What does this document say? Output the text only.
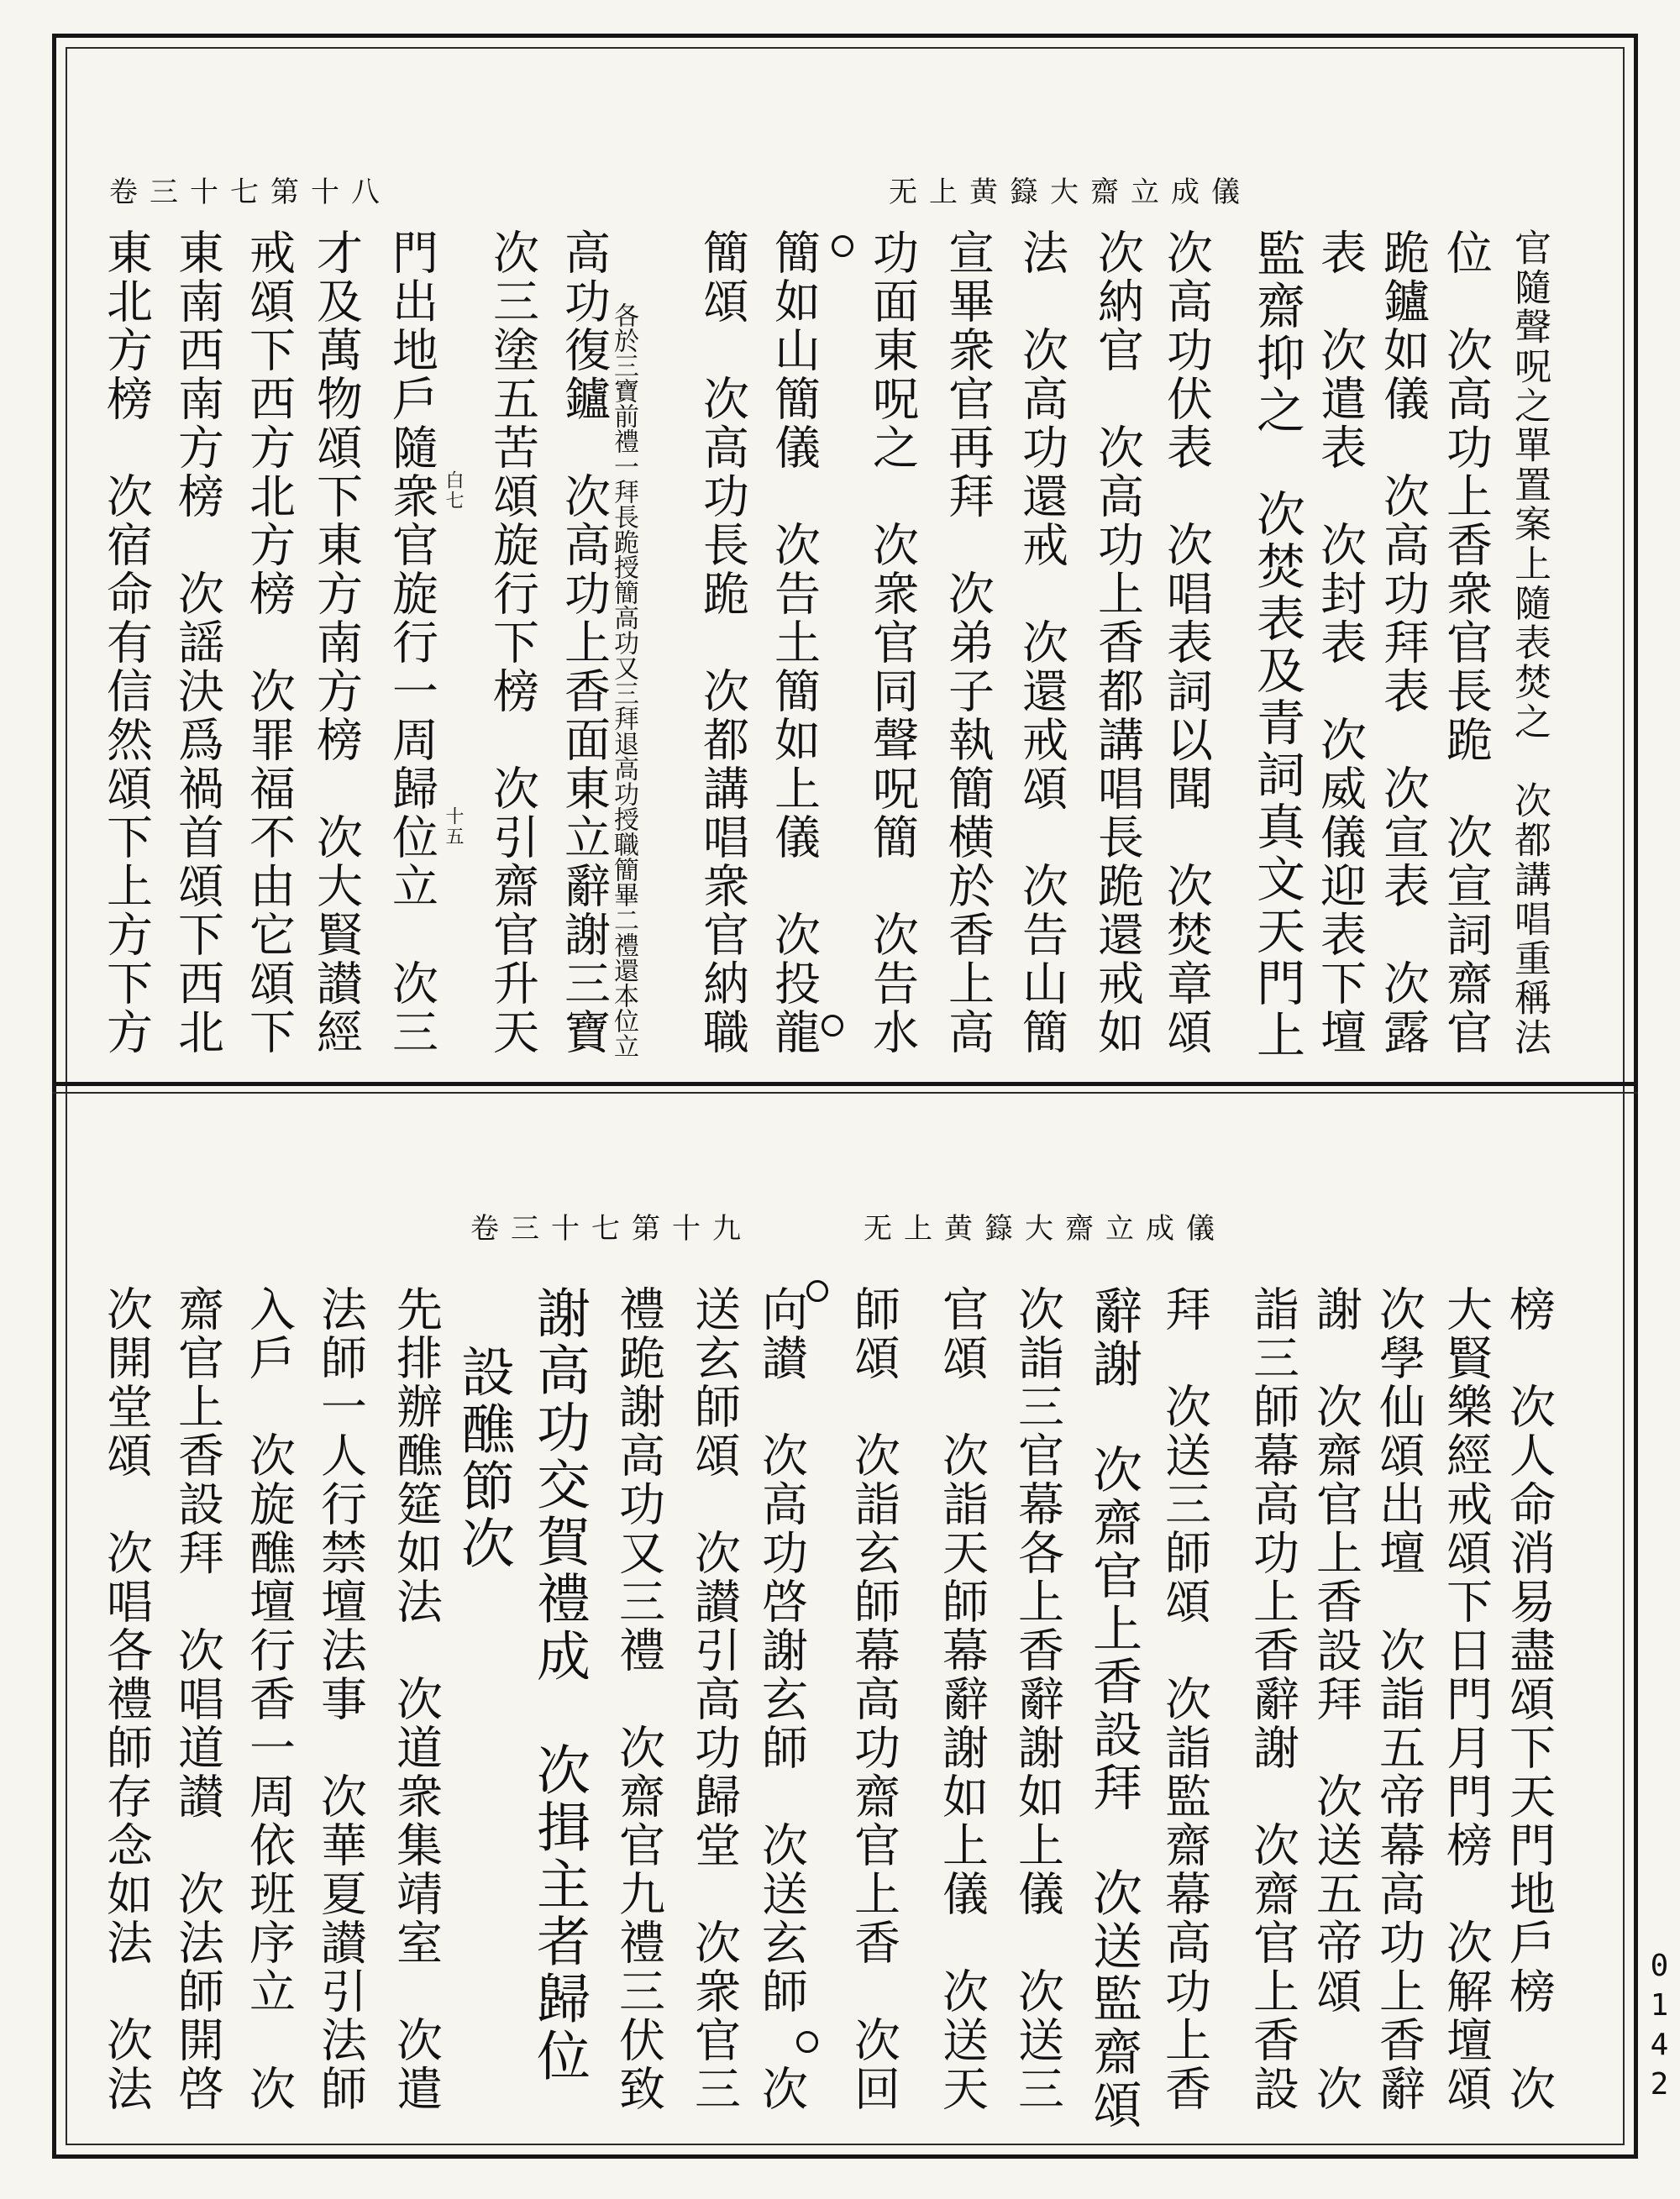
卷三十七第十八	无上黄籙大齋立成儀
官隨聲呪之單置案上隨表焚之　次都講唱重稱法
位　次高功上香衆官長跪　次宣詞齋官
跪鑪如儀　次高功拜表　次宣表　次露
表　次遣表　次封表　次威儀迎表下壇
監齋抑之　次焚表及青詞真文天門上
次高功伏表　次唱表詞以聞　次焚章頌
次納官　次高功上香都講唱長跪還戒如
法　次高功還戒　次還戒頌　次告山簡
宣畢衆官再拜　次弟子執簡横於香上高
功面東呪之　次衆官同聲呪簡　次告水
簡如山簡儀　次告土簡如上儀　次投龍
簡頌　次高功長跪　次都講唱衆官納職
各於三寶前禮一拜長跪授簡高功又三拜退高功授職簡畢二禮還本位立
高功復鑪　次高功上香面東立辭謝三寶
次三塗五苦頌旋行下榜　次引齋官升天
白七
十五
門出地戶隨衆官旋行一周歸位立　次三
才及萬物頌下東方南方榜　次大賢讃經
戒頌下西方北方榜　次罪福不由它頌下
東南西南方榜　次謡決爲禍首頌下西北
東北方榜　次宿命有信然頌下上方下方
卷三十七第十九	无上黄籙大齋立成儀
榜　次人命消易盡頌下天門地戶榜　次
大賢樂經戒頌下日門月門榜　次解壇頌
次學仙頌出壇　次詣五帝幕高功上香辭
謝　次齋官上香設拜　次送五帝頌　次
詣三師幕高功上香辭謝　次齋官上香設
拜　次送三師頌　次詣監齋幕高功上香
辭謝　次齋官上香設拜　次送監齋頌
次詣三官幕各上香辭謝如上儀　次送三
官頌　次詣天師幕辭謝如上儀　次送天
師頌　次詣玄師幕高功齋官上香　次回
向讃　次高功啓謝玄師　次送玄師　次
送玄師頌　次讃引高功歸堂　次衆官三
禮跪謝高功又三禮　次齋官九禮三伏致
謝高功交賀禮成　次揖主者歸位
設醮節次
先排辦醮筵如法　次道衆集靖室　次遣
法師一人行禁壇法事　次華夏讃引法師
入戶　次旋醮壇行香一周依班序立　次
齋官上香設拜　次唱道讃　次法師開啓
次開堂頌　次唱各禮師存念如法　次法	0142
